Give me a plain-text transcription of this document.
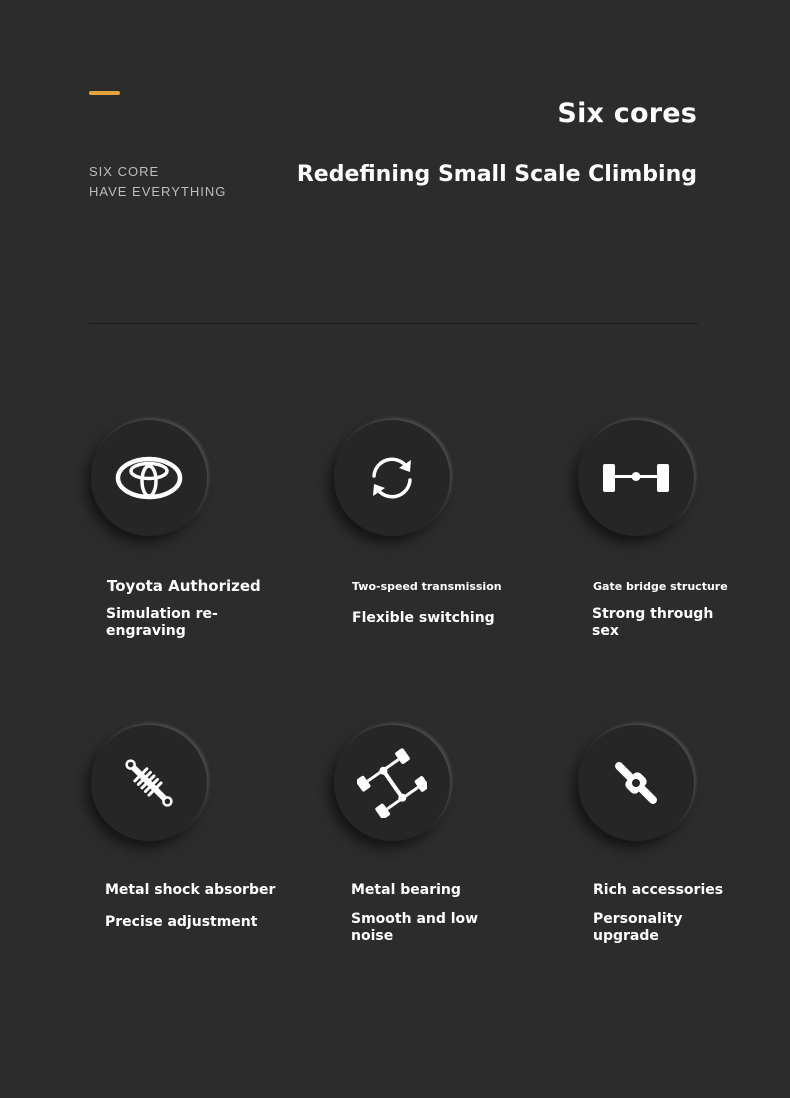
Six cores
Redefining Small Scale Climbing
SIX CORE
HAVE EVERYTHING
Toyota Authorized
Simulation re-
engraving
Two-speed transmission
Flexible switching
Gate bridge structure
Strong through
sex
Metal shock absorber
Precise adjustment
Metal bearing
Smooth and low
noise
Rich accessories
Personality
upgrade
